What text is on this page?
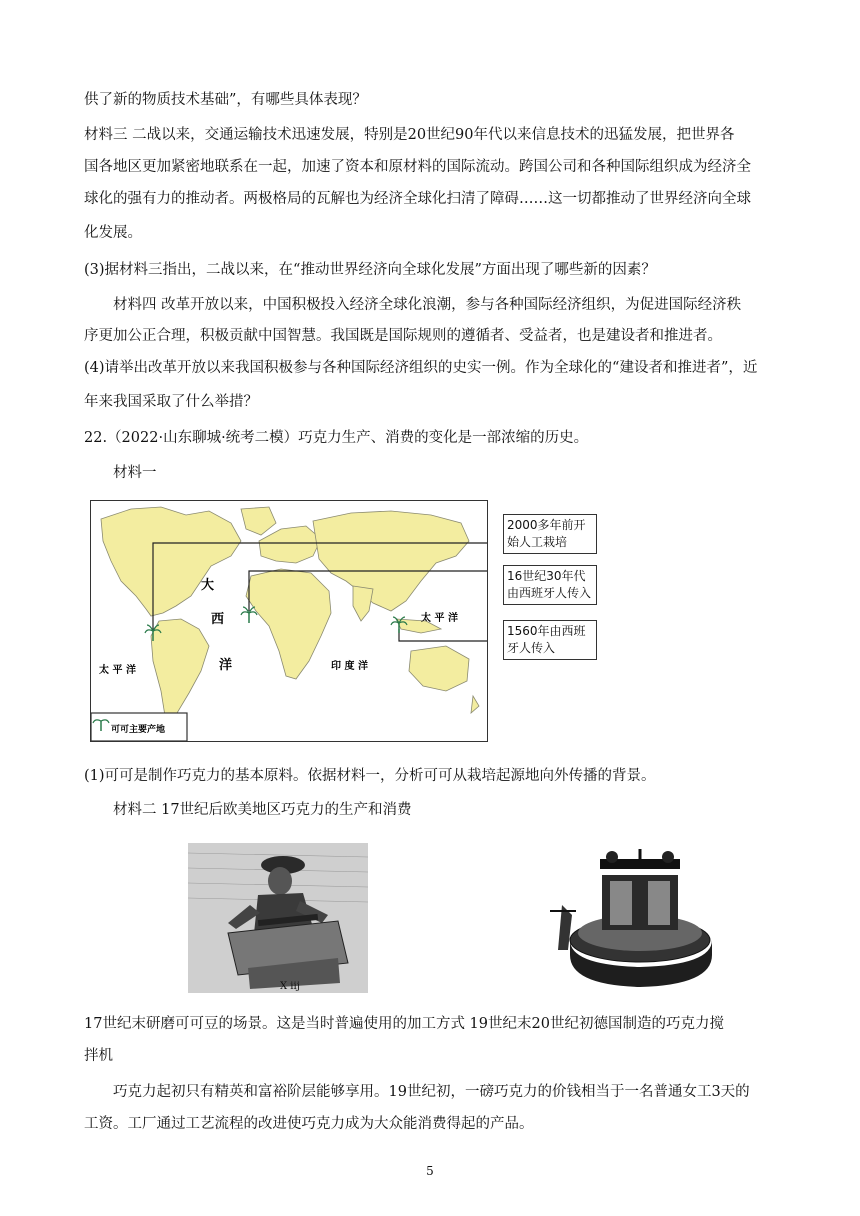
供了新的物质技术基础”，有哪些具体表现？
材料三 二战以来，交通运输技术迅速发展，特别是20世纪90年代以来信息技术的迅猛发展，把世界各
国各地区更加紧密地联系在一起，加速了资本和原材料的国际流动。跨国公司和各种国际组织成为经济全
球化的强有力的推动者。两极格局的瓦解也为经济全球化扫清了障碍……这一切都推动了世界经济向全球
化发展。
(3)据材料三指出，二战以来，在“推动世界经济向全球化发展”方面出现了哪些新的因素？
材料四 改革开放以来，中国积极投入经济全球化浪潮，参与各种国际经济组织，为促进国际经济秩
序更加公正合理，积极贡献中国智慧。我国既是国际规则的遵循者、受益者，也是建设者和推进者。
(4)请举出改革开放以来我国积极参与各种国际经济组织的史实一例。作为全球化的“建设者和推进者”，近
年来我国采取了什么举措？
22.（2022·山东聊城·统考二模）巧克力生产、消费的变化是一部浓缩的历史。
材料一
大
西
洋
太 平 洋
太 平 洋	印 度 洋
可可主要产地
2000多年前开
始人工栽培
16世纪30年代
由西班牙人传入
1560年由西班
牙人传入
(1)可可是制作巧克力的基本原料。依据材料一，分析可可从栽培起源地向外传播的背景。
材料二 17世纪后欧美地区巧克力的生产和消费
X iij
17世纪末研磨可可豆的场景。这是当时普遍使用的加工方式 19世纪末20世纪初德国制造的巧克力搅
拌机
巧克力起初只有精英和富裕阶层能够享用。19世纪初，一磅巧克力的价钱相当于一名普通女工3天的
工资。工厂通过工艺流程的改进使巧克力成为大众能消费得起的产品。
5
